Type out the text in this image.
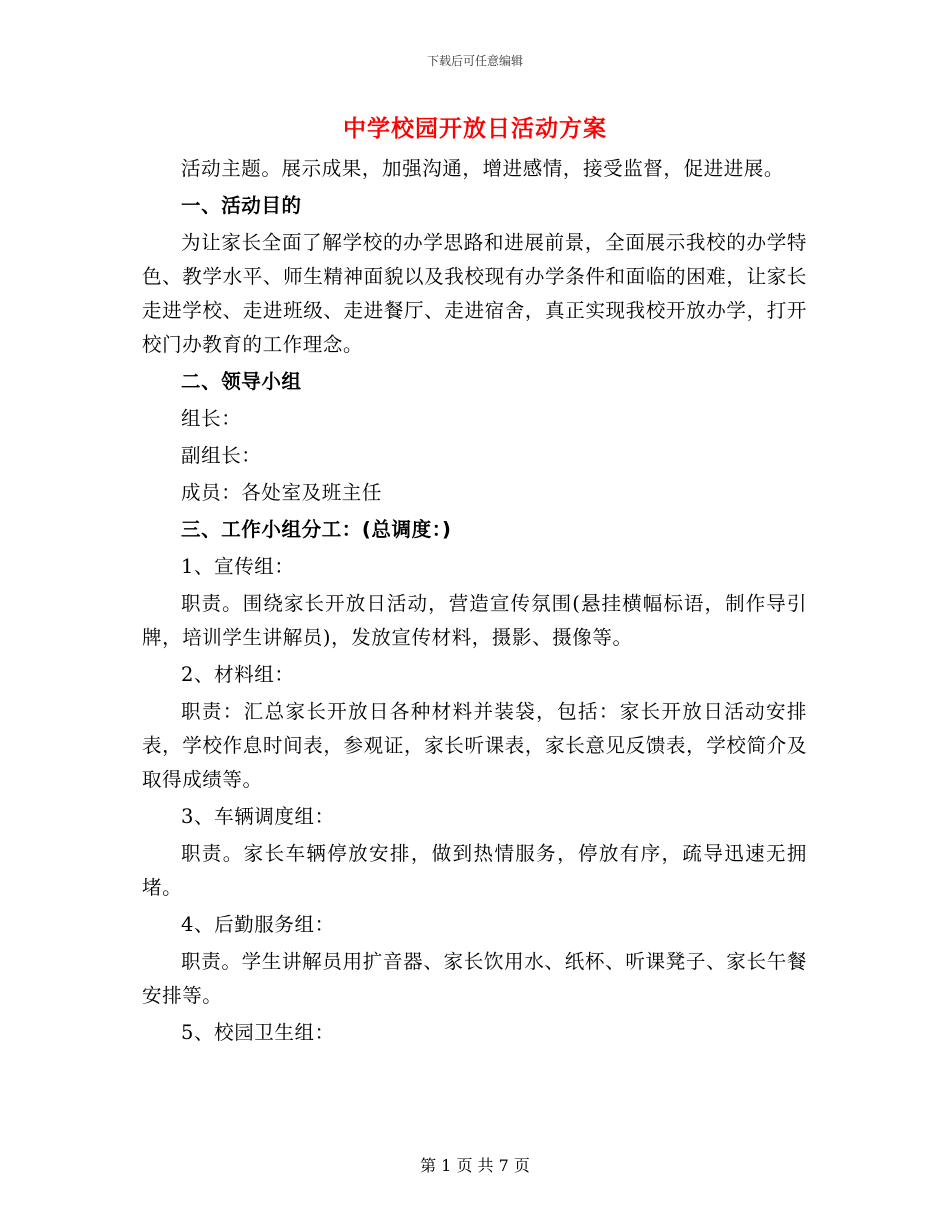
下载后可任意编辑
中学校园开放日活动方案

活动主题。展示成果，加强沟通，增进感情，接受监督，促进进展。

一、活动目的

为让家长全面了解学校的办学思路和进展前景，全面展示我校的办学特色、教学水平、师生精神面貌以及我校现有办学条件和面临的困难，让家长走进学校、走进班级、走进餐厅、走进宿舍，真正实现我校开放办学，打开校门办教育的工作理念。

二、领导小组

组长：

副组长：

成员：各处室及班主任

三、工作小组分工：(总调度：)

1、宣传组：

职责。围绕家长开放日活动，营造宣传氛围(悬挂横幅标语，制作导引牌，培训学生讲解员)，发放宣传材料，摄影、摄像等。

2、材料组：

职责：汇总家长开放日各种材料并装袋，包括：家长开放日活动安排表，学校作息时间表，参观证，家长听课表，家长意见反馈表，学校简介及取得成绩等。

3、车辆调度组：

职责。家长车辆停放安排，做到热情服务，停放有序，疏导迅速无拥堵。

4、后勤服务组：

职责。学生讲解员用扩音器、家长饮用水、纸杯、听课凳子、家长午餐安排等。

5、校园卫生组：

第 1 页 共 7 页
